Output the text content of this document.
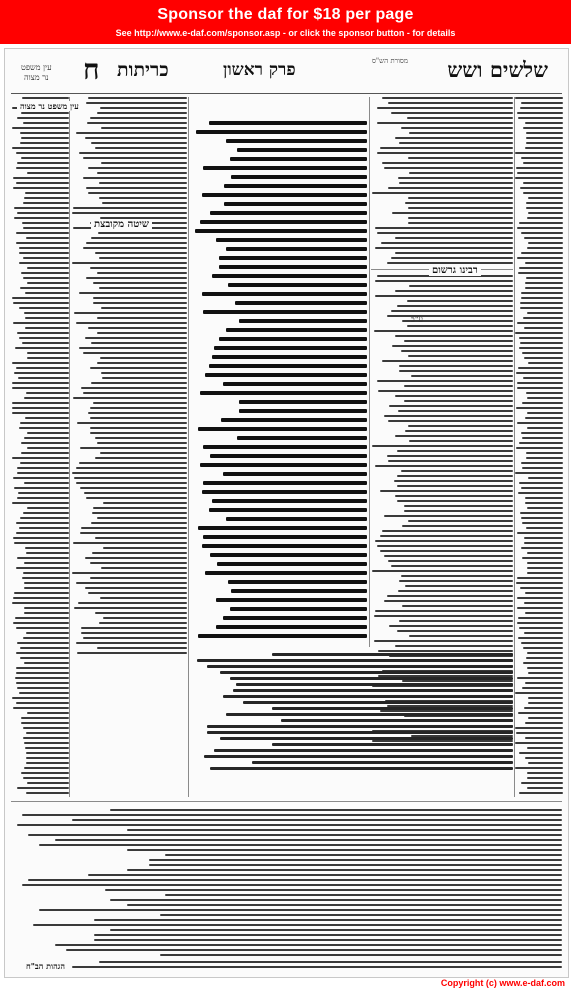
Sponsor the daf for $18 per page
See http://www.e-daf.com/sponsor.asp - or click the sponsor button - for details
עין משפט
נר מצוה	ח כריתות	פרק ראשון	שלשים ושש
מסורת הש"ס
עין משפט נר מצוה
שיטה מקובצת
רבינו גרשום
ע"ב
הגהות הב"ח
Copyright (c) www.e-daf.com
